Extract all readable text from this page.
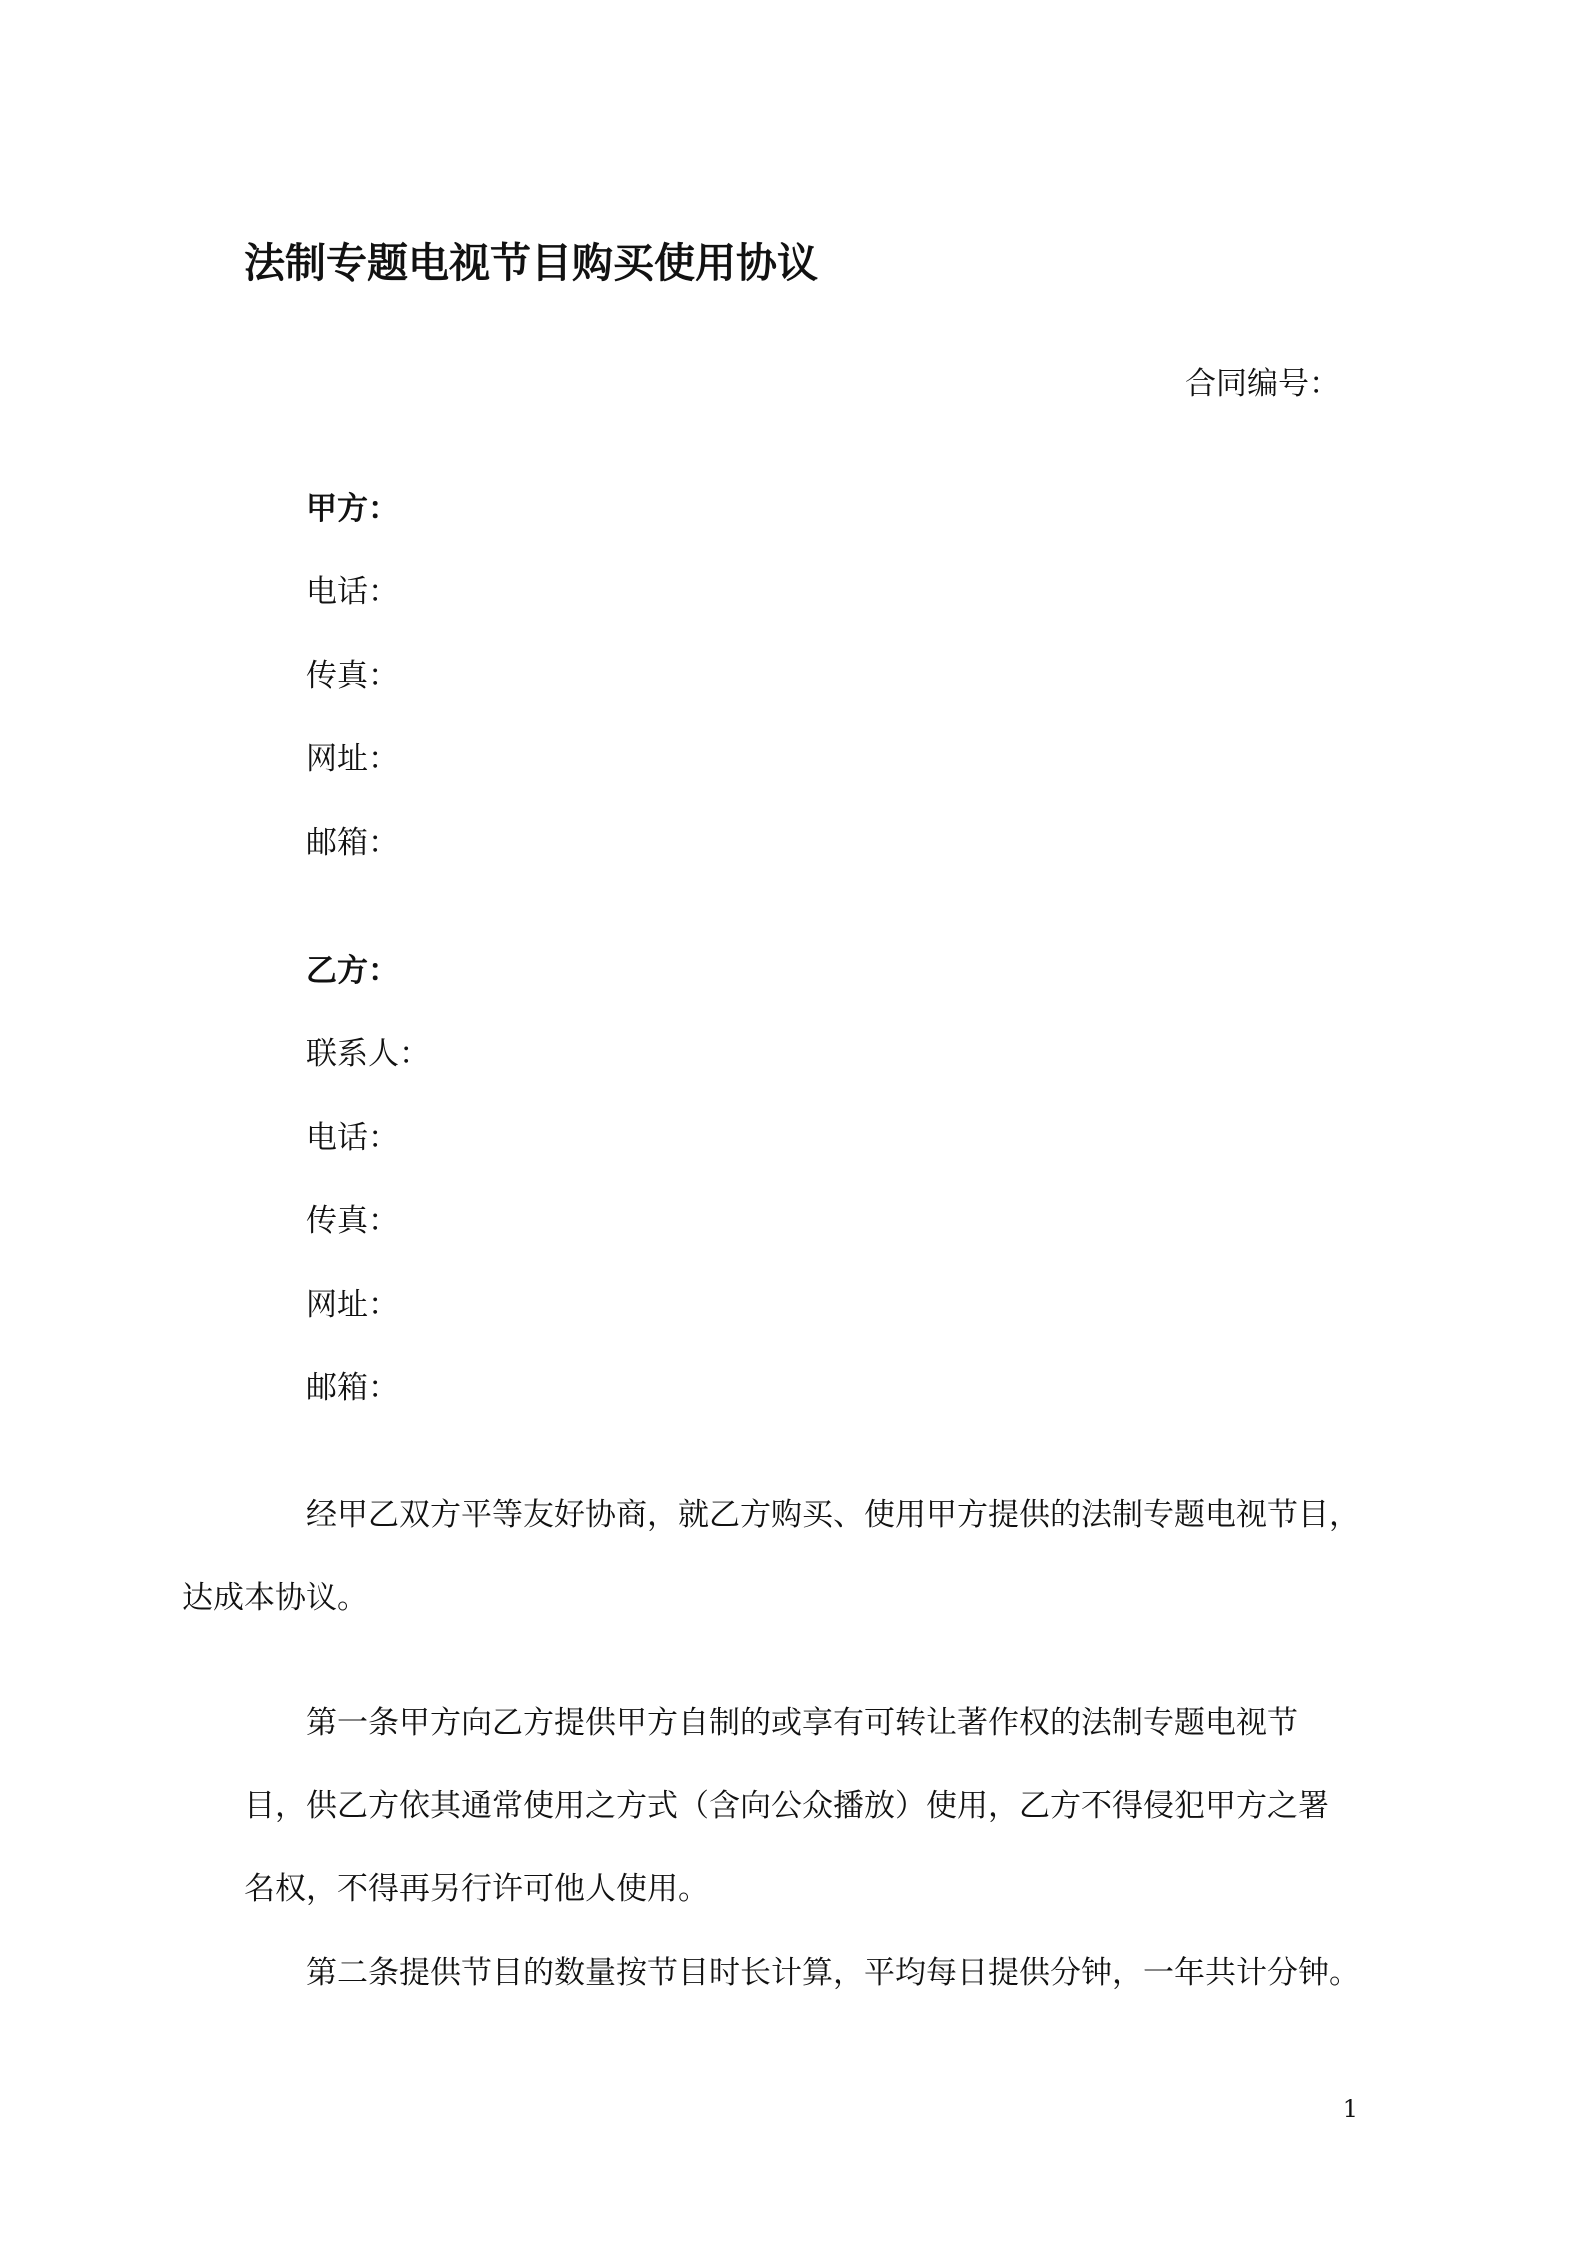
法制专题电视节目购买使用协议
合同编号：
甲方：
电话：
传真：
网址：
邮箱：
乙方：
联系人：
电话：
传真：
网址：
邮箱：

经甲乙双方平等友好协商，就乙方购买、使用甲方提供的法制专题电视节目，
达成本协议。

第一条甲方向乙方提供甲方自制的或享有可转让著作权的法制专题电视节
目，供乙方依其通常使用之方式（含向公众播放）使用，乙方不得侵犯甲方之署
名权，不得再另行许可他人使用。

第二条提供节目的数量按节目时长计算，平均每日提供分钟，一年共计分钟。

1
